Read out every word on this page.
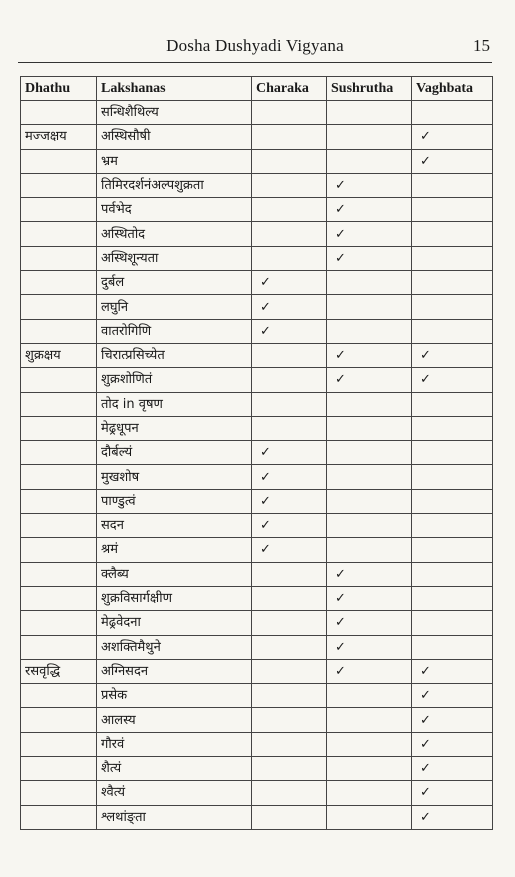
Dosha Dushyadi Vigyana	15
Dhathu	Lakshanas	Charaka	Sushrutha	Vaghbata
	सन्धिशैथिल्य			
मज्जक्षय	अस्थिसौषी			✓
	भ्रम			✓
	तिमिरदर्शनंअल्पशुक्रता		✓	
	पर्वभेद		✓	
	अस्थितोद		✓	
	अस्थिशून्यता		✓	
	दुर्बल	✓		
	लघुनि	✓		
	वातरोगिणि	✓		
शुक्रक्षय	चिरात्प्रसिच्येत		✓	✓
	शुक्रशोणितं		✓	✓
	तोद in वृषण			
	मेढ्रधूपन			
	दौर्बल्यं	✓		
	मुखशोष	✓		
	पाण्डुत्वं	✓		
	सदन	✓		
	श्रमं	✓		
	क्लैब्य		✓	
	शुक्रविसार्गक्षीण		✓	
	मेढ्रवेदना		✓	
	अशक्तिमैथुने		✓	
रसवृद्धि	अग्निसदन		✓	✓
	प्रसेक			✓
	आलस्य			✓
	गौरवं			✓
	शैत्यं			✓
	श्वैत्यं			✓
	श्लथांङ्ता			✓
